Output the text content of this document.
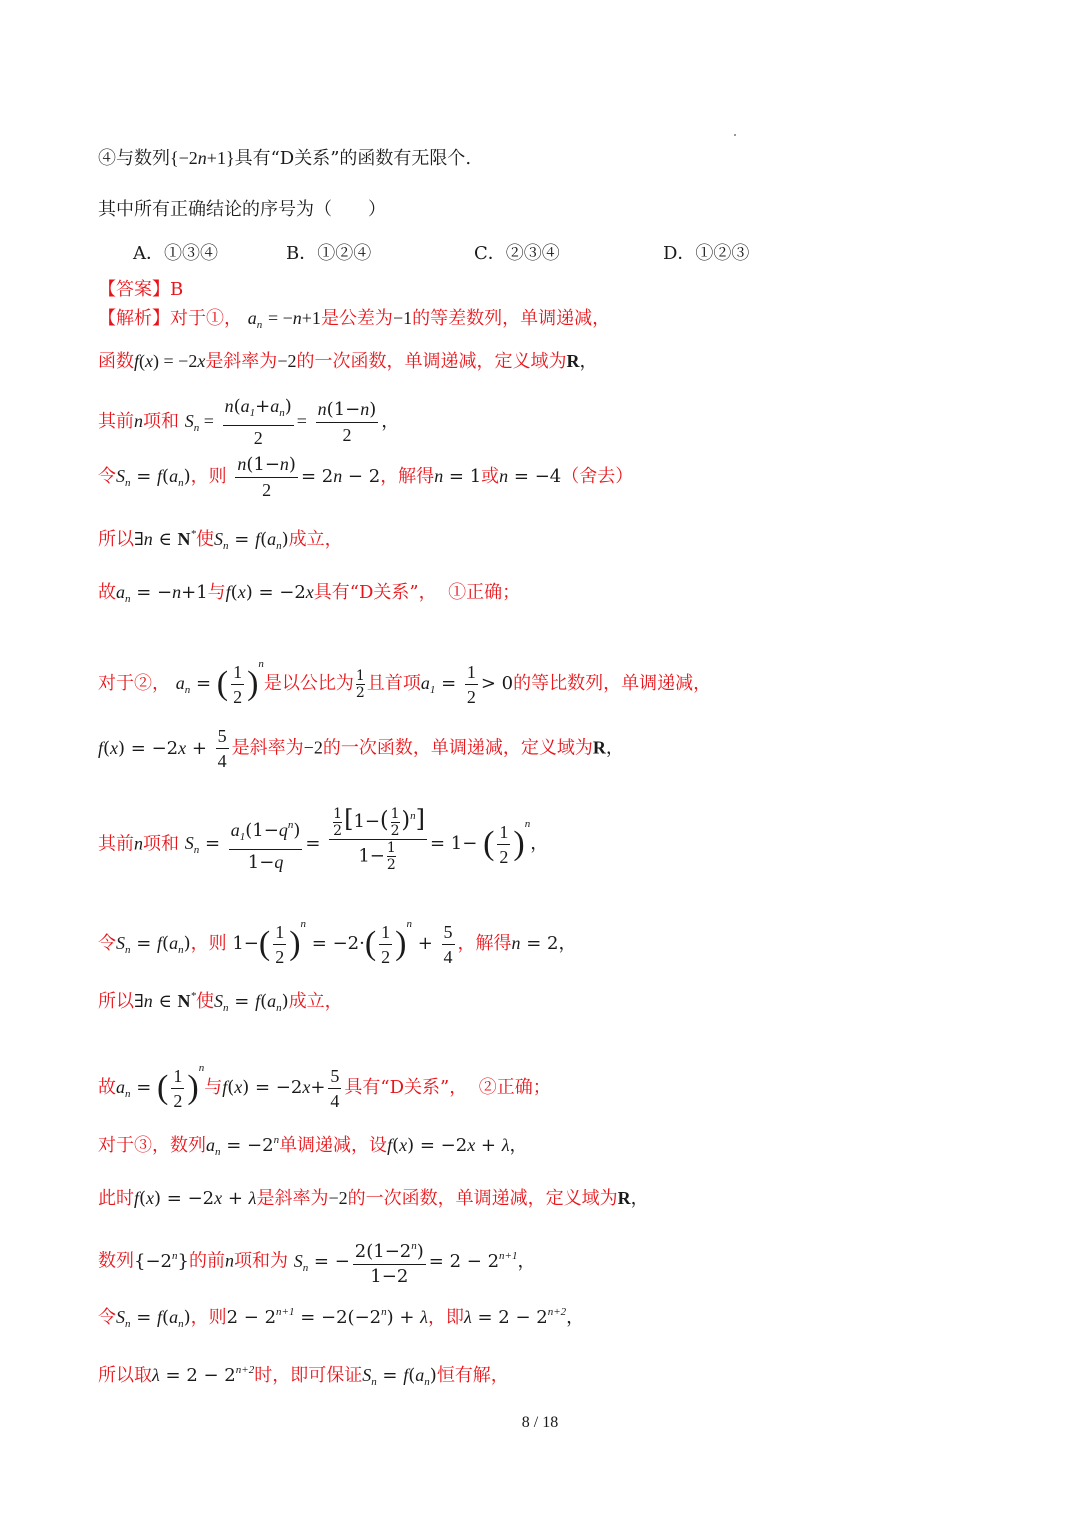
④与数列{−2n+1}具有“D关系”的函数有无限个.
其中所有正确结论的序号为（　　）
A．①③④	B．①②④	C．②③④	D．①②③
【答案】B
【解析】对于①， $a_n = -n+1$是公差为−1的等差数列，单调递减，
函数f(x) = −2x是斜率为−2的一次函数，单调递减，定义域为R，
其前n项和 $S_n = \frac{n(a_1+a_n)}{2} = \frac{n(1-n)}{2}$ ，
令$S_n = f(a_n)$，则 $\frac{n(1-n)}{2} = 2n - 2$，解得n = 1或n = −4（舍去）
所以∃n ∈ N*使$S_n = f(a_n)$成立，
故$a_n = -n+1$与f(x) = −2x具有“D关系”， ①正确；
对于②， $a_n$ = ( $\frac{1}{2} )^n$是以公比为 $\frac{1}{2}$ 且首项$a_1 = \frac{1}{2} > 0$的等比数列，单调递减，
$f(x) = -2x + \frac{5}{4}$ 是斜率为−2的一次函数，单调递减，定义域为R，
其前n项和 $S_n = \frac{a_1(1-q^n)}{1-q} = \frac{\frac{1}{2} [1-( \frac{1}{2} )^n]}{1- \frac{1}{2}} = 1-$ ( $\frac{1}{2} )^n$，
令$S_n = f(a_n)$，则 $1-( \frac{1}{2} )^n = -2\cdot( \frac{1}{2} )^n + \frac{5}{4}$ ，解得n = 2，
所以∃n ∈ N*使$S_n = f(a_n)$成立，
故$a_n$ = ( $\frac{1}{2} )^n$与$f(x) = -2x+ \frac{5}{4}$ 具有“D关系”， ②正确；
对于③，数列$a_n = -2^n$单调递减，设f(x) = −2x + λ，
此时f(x) = −2x + λ是斜率为−2的一次函数，单调递减，定义域为R，
数列$\{-2^n\}$的前n项和为 $S_n$ = − $\frac{2(1-2^n)}{1-2} = 2 - 2^{n+1}$，
令$S_n = f(a_n)$，则$2 - 2^{n+1} = -2(-2^n) + \lambda$，即$\lambda = 2 - 2^{n+2}$，
所以取$\lambda = 2 - 2^{n+2}$时，即可保证$S_n = f(a_n)$恒有解，
8 / 18
